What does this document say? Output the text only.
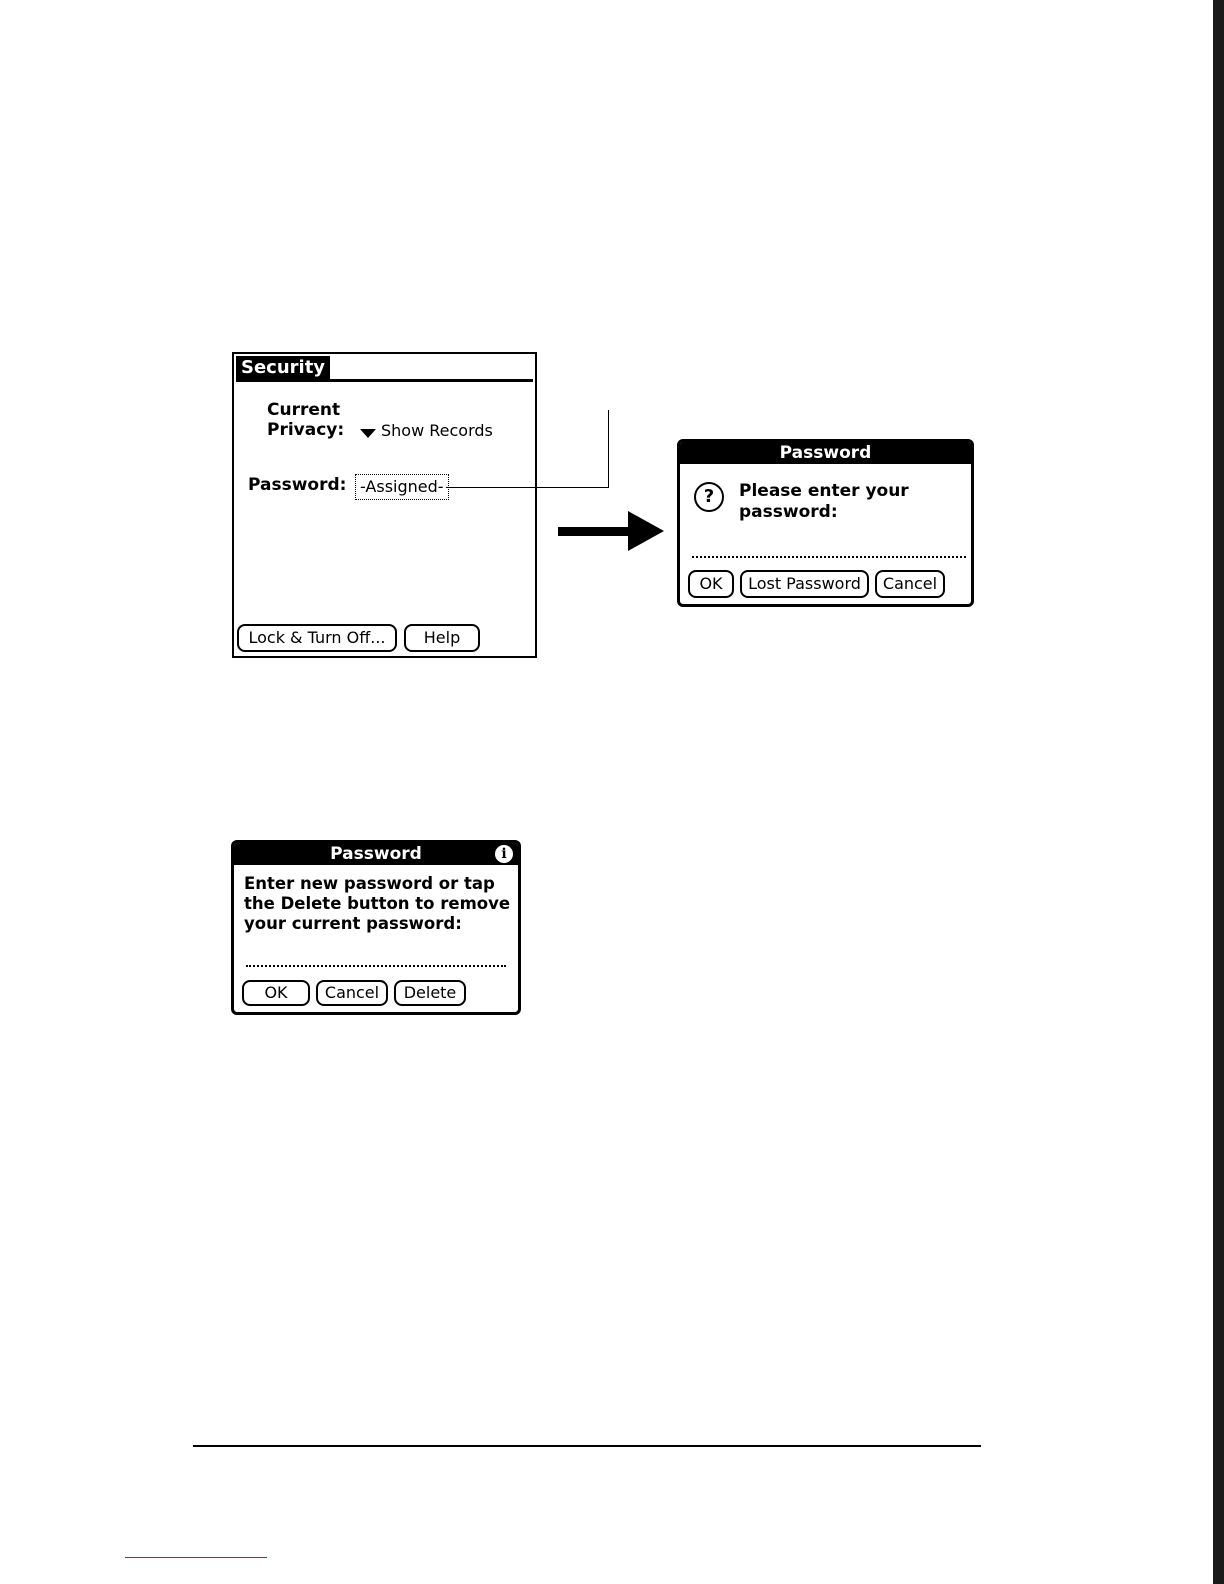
Security
Current
Privacy: Show Records
Password: -Assigned-
Lock & Turn Off...	Help
Password
?	Please enter your password:
OK	Lost Password	Cancel
Password	i
Enter new password or tap the Delete button to remove your current password:
OK	Cancel	Delete
